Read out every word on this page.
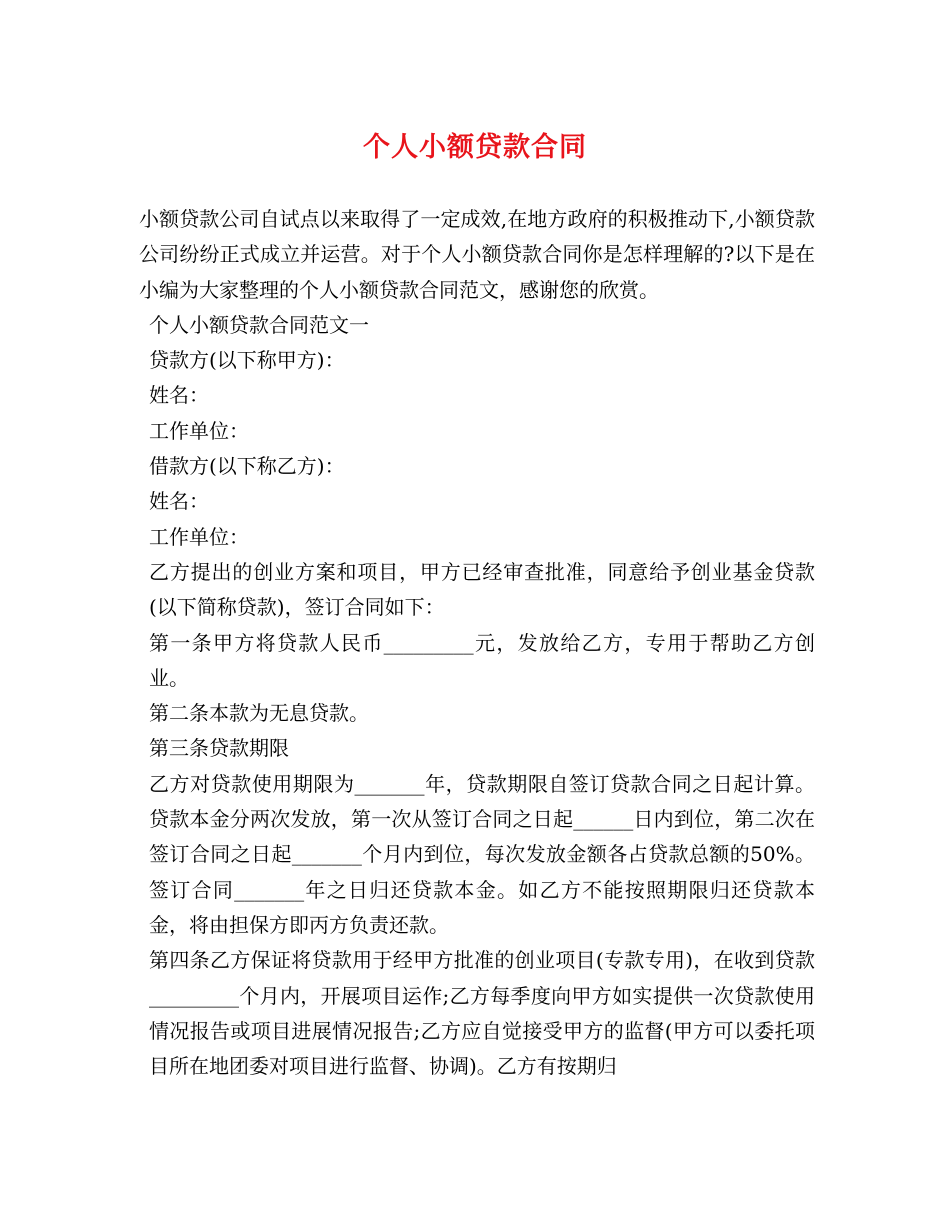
个人小额贷款合同

小额贷款公司自试点以来取得了一定成效,在地方政府的积极推动下,小额贷款公司纷纷正式成立并运营。对于个人小额贷款合同你是怎样理解的?以下是在小编为大家整理的个人小额贷款合同范文，感谢您的欣赏。

个人小额贷款合同范文一

贷款方(以下称甲方)：

姓名：

工作单位：

借款方(以下称乙方)：

姓名：

工作单位：

乙方提出的创业方案和项目，甲方已经审查批准，同意给予创业基金贷款(以下简称贷款)，签订合同如下：

第一条甲方将贷款人民币_________元，发放给乙方，专用于帮助乙方创业。

第二条本款为无息贷款。

第三条贷款期限

乙方对贷款使用期限为_______年，贷款期限自签订贷款合同之日起计算。贷款本金分两次发放，第一次从签订合同之日起______日内到位，第二次在签订合同之日起_______个月内到位，每次发放金额各占贷款总额的50%。签订合同_______年之日归还贷款本金。如乙方不能按照期限归还贷款本金，将由担保方即丙方负责还款。

第四条乙方保证将贷款用于经甲方批准的创业项目(专款专用)，在收到贷款_________个月内，开展项目运作;乙方每季度向甲方如实提供一次贷款使用情况报告或项目进展情况报告;乙方应自觉接受甲方的监督(甲方可以委托项目所在地团委对项目进行监督、协调)。乙方有按期归
